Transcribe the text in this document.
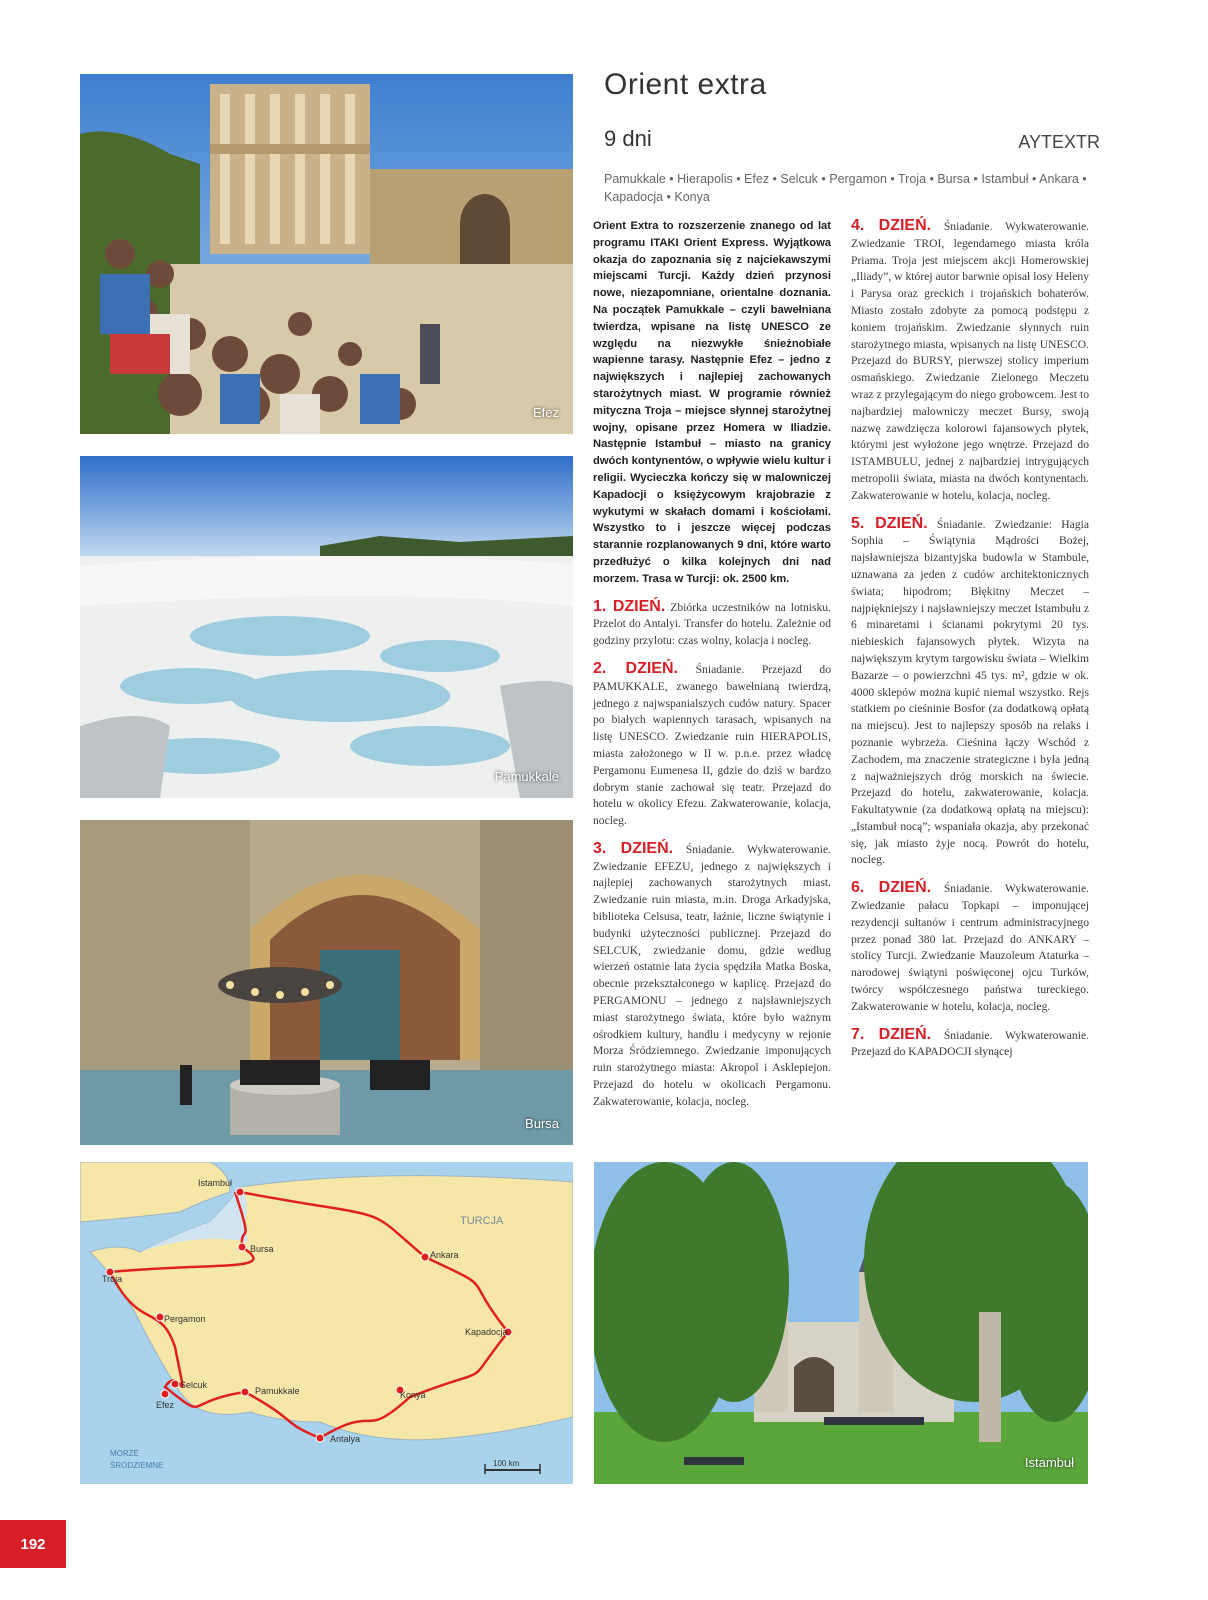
Efez
Pamukkale
Bursa
Istambuł
Bursa
Troja
Ankara
Pergamon
Kapadocja
Selcuk
Efez
Pamukkale	Konya
Antalya
TURCJA
MORZE
ŚRÓDZIEMNE	100 km	Istambuł
Orient extra
9 dni	AYTEXTR
Pamukkale • Hierapolis • Efez • Selcuk • Pergamon • Troja • Bursa • Istambuł • Ankara • Kapadocja • Konya

Orient Extra to rozszerzenie znanego od lat programu ITAKI Orient Express. Wyjątkowa okazja do zapoznania się z najciekawszymi miejscami Turcji. Każdy dzień przynosi nowe, niezapomniane, orientalne doznania. Na początek Pamukkale – czyli bawełniana twierdza, wpisane na listę UNESCO ze względu na niezwykłe śnieżnobiałe wapienne tarasy. Następnie Efez – jedno z największych i najlepiej zachowanych starożytnych miast. W programie również mityczna Troja – miejsce słynnej starożytnej wojny, opisane przez Homera w Iliadzie. Następnie Istambuł – miasto na granicy dwóch kontynentów, o wpływie wielu kultur i religii. Wycieczka kończy się w malowniczej Kapadocji o księżycowym krajobrazie z wykutymi w skałach domami i kościołami. Wszystko to i jeszcze więcej podczas starannie rozplanowanych 9 dni, które warto przedłużyć o kilka kolejnych dni nad morzem. Trasa w Turcji: ok. 2500 km.

1. DZIEŃ. Zbiórka uczestników na lotnisku. Przelot do Antalyi. Transfer do hotelu. Zależnie od godziny przylotu: czas wolny, kolacja i nocleg.

2. DZIEŃ. Śniadanie. Przejazd do PAMUKKALE, zwanego bawełnianą twierdzą, jednego z najwspanialszych cudów natury. Spacer po białych wapiennych tarasach, wpisanych na listę UNESCO. Zwiedzanie ruin HIERAPOLIS, miasta założonego w II w. p.n.e. przez władcę Pergamonu Eumenesa II, gdzie do dziś w bardzo dobrym stanie zachował się teatr. Przejazd do hotelu w okolicy Efezu. Zakwaterowanie, kolacja, nocleg.

3. DZIEŃ. Śniadanie. Wykwaterowanie. Zwiedzanie EFEZU, jednego z największych i najlepiej zachowanych starożytnych miast. Zwiedzanie ruin miasta, m.in. Droga Arkadyjska, biblioteka Celsusa, teatr, łaźnie, liczne świątynie i budynki użyteczności publicznej. Przejazd do SELCUK, zwiedzanie domu, gdzie według wierzeń ostatnie lata życia spędziła Matka Boska, obecnie przekształconego w kaplicę. Przejazd do PERGAMONU – jednego z najsławniejszych miast starożytnego świata, które było ważnym ośrodkiem kultury, handlu i medycyny w rejonie Morza Śródziemnego. Zwiedzanie imponujących ruin starożytnego miasta: Akropol i Asklepiejon. Przejazd do hotelu w okolicach Pergamonu. Zakwaterowanie, kolacja, nocleg.

4. DZIEŃ. Śniadanie. Wykwaterowanie. Zwiedzanie TROI, legendarnego miasta króla Priama. Troja jest miejscem akcji Homerowskiej „Iliady”, w której autor barwnie opisał losy Heleny i Parysa oraz greckich i trojańskich bohaterów. Miasto zostało zdobyte za pomocą podstępu z koniem trojańskim. Zwiedzanie słynnych ruin starożytnego miasta, wpisanych na listę UNESCO. Przejazd do BURSY, pierwszej stolicy imperium osmańskiego. Zwiedzanie Zielonego Meczetu wraz z przylegającym do niego grobowcem. Jest to najbardziej malowniczy meczet Bursy, swoją nazwę zawdzięcza kolorowi fajansowych płytek, którymi jest wyłożone jego wnętrze. Przejazd do ISTAMBUŁU, jednej z najbardziej intrygujących metropolii świata, miasta na dwóch kontynentach. Zakwaterowanie w hotelu, kolacja, nocleg.

5. DZIEŃ. Śniadanie. Zwiedzanie: Hagia Sophia – Świątynia Mądrości Bożej, najsławniejsza bizantyjska budowla w Stambule, uznawana za jeden z cudów architektonicznych świata; hipodrom; Błękitny Meczet – najpiękniejszy i najsławniejszy meczet Istambułu z 6 minaretami i ścianami pokrytymi 20 tys. niebieskich fajansowych płytek. Wizyta na największym krytym targowisku świata – Wielkim Bazarze – o powierzchni 45 tys. m², gdzie w ok. 4000 sklepów można kupić niemal wszystko. Rejs statkiem po cieśninie Bosfor (za dodatkową opłatą na miejscu). Jest to najlepszy sposób na relaks i poznanie wybrzeża. Cieśnina łączy Wschód z Zachodem, ma znaczenie strategiczne i była jedną z najważniejszych dróg morskich na świecie. Przejazd do hotelu, zakwaterowanie, kolacja. Fakultatywnie (za dodatkową opłatą na miejscu): „Istambuł nocą”; wspaniała okazja, aby przekonać się, jak miasto żyje nocą. Powrót do hotelu, nocleg.

6. DZIEŃ. Śniadanie. Wykwaterowanie. Zwiedzanie pałacu Topkapi – imponującej rezydencji sułtanów i centrum administracyjnego przez ponad 380 lat. Przejazd do ANKARY – stolicy Turcji. Zwiedzanie Mauzoleum Ataturka – narodowej świątyni poświęconej ojcu Turków, twórcy współczesnego państwa tureckiego. Zakwaterowanie w hotelu, kolacja, nocleg.

7. DZIEŃ. Śniadanie. Wykwaterowanie. Przejazd do KAPADOCJI słynącej

192
